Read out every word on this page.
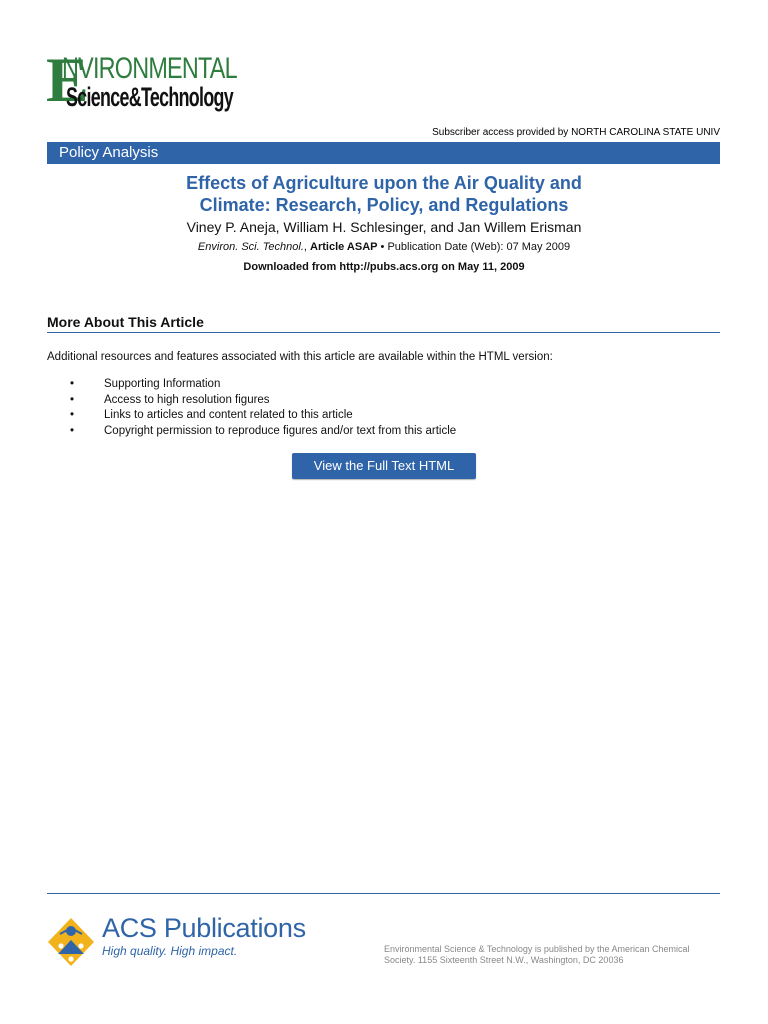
E
NVIRONMENTAL
Science&Technology
Subscriber access provided by NORTH CAROLINA STATE UNIV
Policy Analysis
Effects of Agriculture upon the Air Quality and
Climate: Research, Policy, and Regulations
Viney P. Aneja, William H. Schlesinger, and Jan Willem Erisman
Environ. Sci. Technol., Article ASAP • Publication Date (Web): 07 May 2009
Downloaded from http://pubs.acs.org on May 11, 2009
More About This Article
Additional resources and features associated with this article are available within the HTML version:
•	Supporting Information
•	Access to high resolution figures
•	Links to articles and content related to this article
•	Copyright permission to reproduce figures and/or text from this article
View the Full Text HTML
ACS Publications
High quality. High impact.	Environmental Science & Technology is published by the American Chemical Society. 1155 Sixteenth Street N.W., Washington, DC 20036
